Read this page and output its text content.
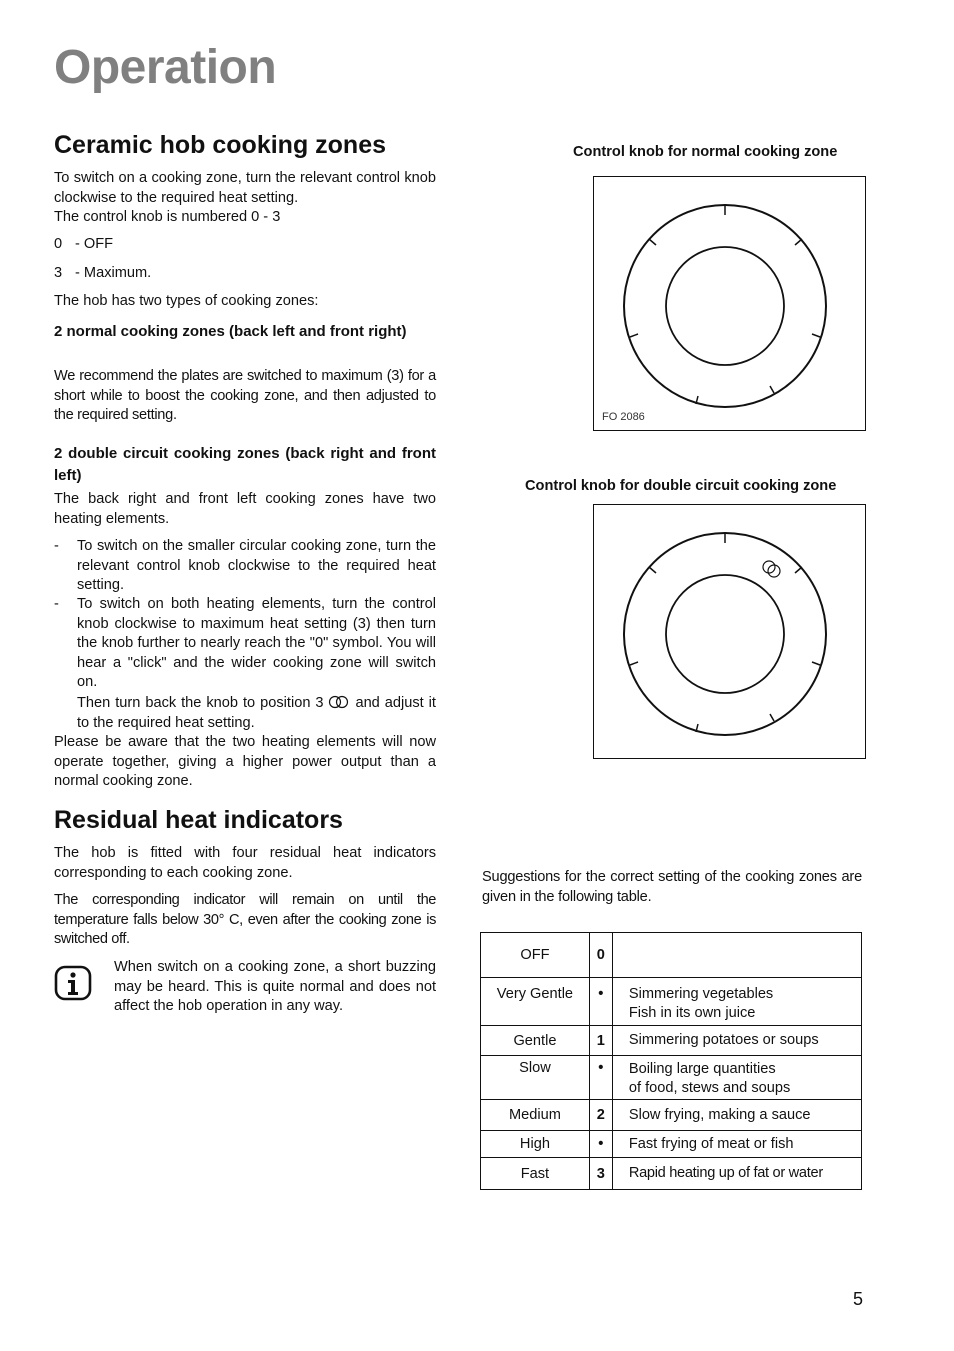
Operation
Ceramic hob cooking zones
To switch on a cooking zone, turn the relevant control knob clockwise to the required heat setting.
The control knob is numbered 0 - 3
0 - OFF
3 - Maximum.
The hob has two types of cooking zones:
2 normal cooking zones (back left and front right)
We recommend the plates are switched to maximum (3) for a short while to boost the cooking zone, and then adjusted to the required setting.
2 double circuit cooking zones (back right and front left)
The back right and front left cooking zones have two heating elements.
- To switch on the smaller circular cooking zone, turn the relevant control knob clockwise to the required heat setting.
- To switch on both heating elements, turn the control knob clockwise to maximum heat setting (3) then turn the knob further to nearly reach the "0" symbol. You will hear a "click" and the wider cooking zone will switch on.
Then turn back the knob to position 3 and adjust it to the required heat setting.
Please be aware that the two heating elements will now operate together, giving a higher power output than a normal cooking zone.
Residual heat indicators
The hob is fitted with four residual heat indicators corresponding to each cooking zone.
The corresponding indicator will remain on until the temperature falls below 30° C, even after the cooking zone is switched off.
When switch on a cooking zone, a short buzzing may be heard. This is quite normal and does not affect the hob operation in any way.
Control knob for normal cooking zone
FO 2086
Control knob for double circuit cooking zone
Suggestions for the correct setting of the cooking zones are given in the following table.
OFF	0	

Very Gentle	•	Simmering vegetables
Fish in its own juice

Gentle	1	Simmering potatoes or soups

Slow	•	Boiling large quantities
of food, stews and soups

Medium	2	Slow frying, making a sauce

High	•	Fast frying of meat or fish

Fast	3	Rapid heating up of fat or water
5
